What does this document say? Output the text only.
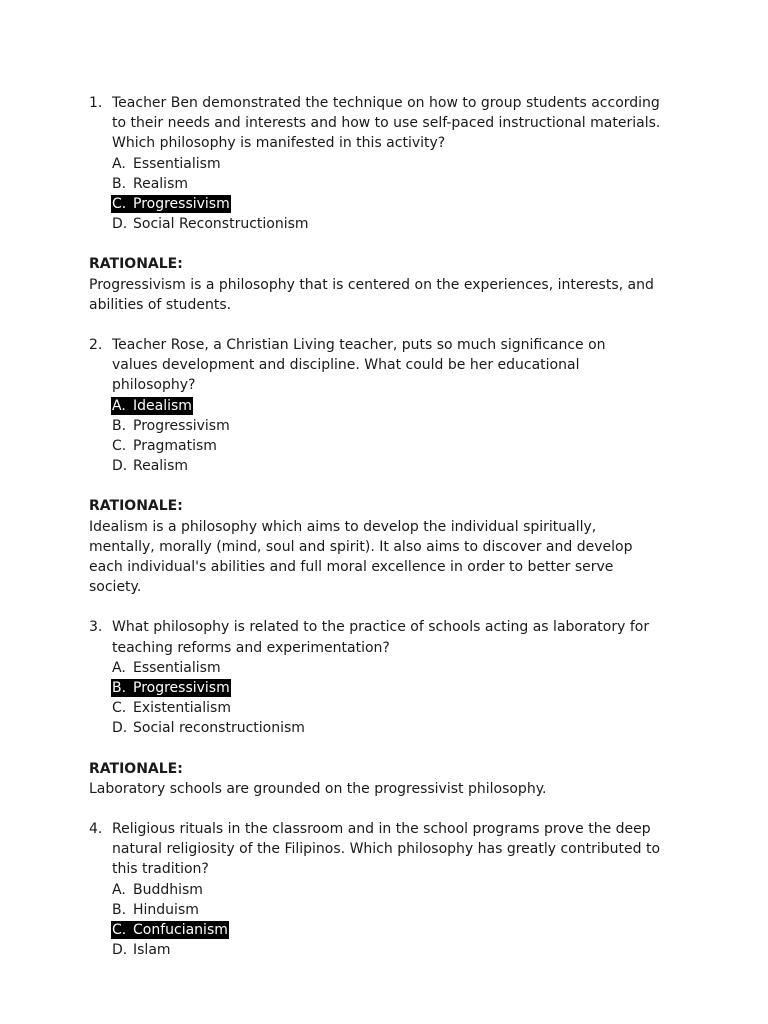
1. Teacher Ben demonstrated the technique on how to group students according to their needs and interests and how to use self-paced instructional materials. Which philosophy is manifested in this activity?

A. Essentialism
B. Realism
C. Progressivism
D. Social Reconstructionism

RATIONALE:

Progressivism is a philosophy that is centered on the experiences, interests, and abilities of students.

2. Teacher Rose, a Christian Living teacher, puts so much significance on values development and discipline. What could be her educational philosophy?

A. Idealism
B. Progressivism
C. Pragmatism
D. Realism

RATIONALE:

Idealism is a philosophy which aims to develop the individual spiritually, mentally, morally (mind, soul and spirit). It also aims to discover and develop each individual's abilities and full moral excellence in order to better serve society.

3. What philosophy is related to the practice of schools acting as laboratory for teaching reforms and experimentation?

A. Essentialism
B. Progressivism
C. Existentialism
D. Social reconstructionism

RATIONALE:

Laboratory schools are grounded on the progressivist philosophy.

4. Religious rituals in the classroom and in the school programs prove the deep natural religiosity of the Filipinos. Which philosophy has greatly contributed to this tradition?

A. Buddhism
B. Hinduism
C. Confucianism
D. Islam
